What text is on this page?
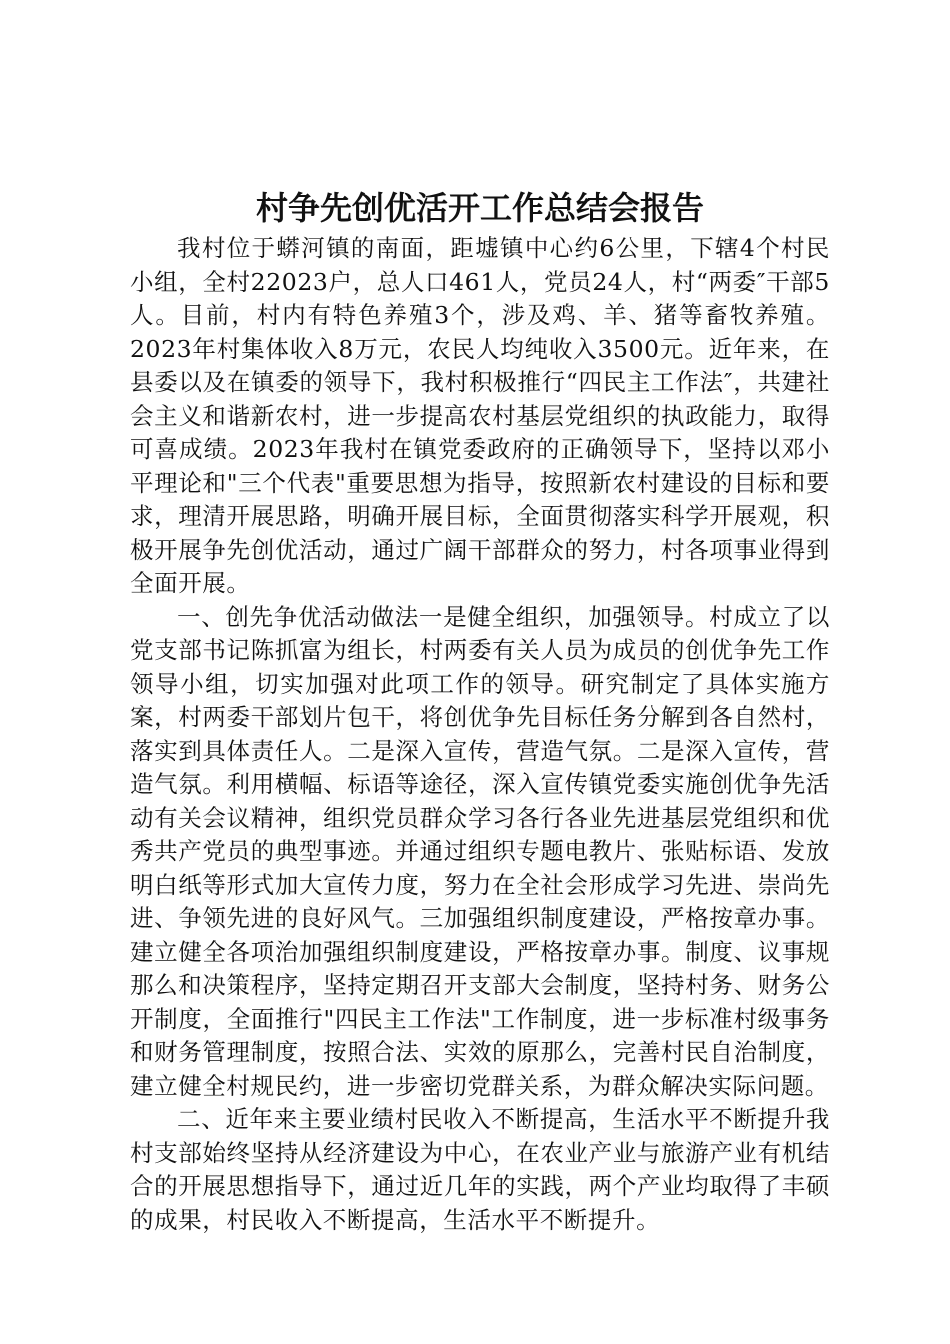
村争先创优活开工作总结会报告

我村位于蟒河镇的南面，距墟镇中心约6公里，下辖4个村民小组，全村22023户，总人口461人，党员24人，村“两委″干部5人。目前，村内有特色养殖3个，涉及鸡、羊、猪等畜牧养殖。2023年村集体收入8万元，农民人均纯收入3500元。近年来，在县委以及在镇委的领导下，我村积极推行“四民主工作法″，共建社会主义和谐新农村，进一步提高农村基层党组织的执政能力，取得可喜成绩。2023年我村在镇党委政府的正确领导下，坚持以邓小平理论和"三个代表"重要思想为指导，按照新农村建设的目标和要求，理清开展思路，明确开展目标，全面贯彻落实科学开展观，积极开展争先创优活动，通过广阔干部群众的努力，村各项事业得到全面开展。

一、创先争优活动做法一是健全组织，加强领导。村成立了以党支部书记陈抓富为组长，村两委有关人员为成员的创优争先工作领导小组，切实加强对此项工作的领导。研究制定了具体实施方案，村两委干部划片包干，将创优争先目标任务分解到各自然村，落实到具体责任人。二是深入宣传，营造气氛。二是深入宣传，营造气氛。利用横幅、标语等途径，深入宣传镇党委实施创优争先活动有关会议精神，组织党员群众学习各行各业先进基层党组织和优秀共产党员的典型事迹。并通过组织专题电教片、张贴标语、发放明白纸等形式加大宣传力度，努力在全社会形成学习先进、崇尚先进、争领先进的良好风气。三加强组织制度建设，严格按章办事。建立健全各项治加强组织制度建设，严格按章办事。制度、议事规那么和决策程序，坚持定期召开支部大会制度，坚持村务、财务公开制度，全面推行"四民主工作法"工作制度，进一步标准村级事务和财务管理制度，按照合法、实效的原那么，完善村民自治制度，建立健全村规民约，进一步密切党群关系，为群众解决实际问题。

二、近年来主要业绩村民收入不断提高，生活水平不断提升我村支部始终坚持从经济建设为中心，在农业产业与旅游产业有机结合的开展思想指导下，通过近几年的实践，两个产业均取得了丰硕的成果，村民收入不断提高，生活水平不断提升。
